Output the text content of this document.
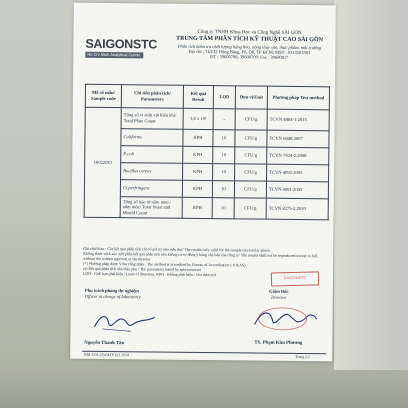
SAIGONSTC
Ho Chi Minh Analytical Center
Công ty TNHH Khoa Học và Công Nghệ SÀI GÒN
TRUNG TÂM PHÂN TÍCH KỸ THUẬT CAO SÀI GÒN
Phân tích kiểm tra chất lượng hàng hóa, nông thủy sản, thực phẩm, môi trường
Địa chỉ : 743/32 Hồng Bàng, P6, Q6, TP HCM; MST : 0313503383
ĐT : 39600708, 39600709; Fax : 39600817
Mã số mẫu/ Sample code	Chỉ tiêu phân tích/ Parameters	Kết quả Result	LOD	Đơn vị/Unit	Phương pháp Test method
10022DO	Tổng số vi sinh vật hiếu khí/ Total Plate Count	1,6 x 10²	-	CFU/g	TCVN 4884-1:2015
	Coliforms	KPH	10	CFU/g	TCVN 6848:2007
	E.coli	KPH	10	CFU/g	TCVN 7924-2:2008
	Bacillus cereus	KPH	10	CFU/g	TCVN 4992:2005
	Cl.perfringens	KPH	10	CFU/g	TCVN 4991:2005
	Tổng số bào tử nấm men - nấm mốc/ Total Yeast and Mould Count	KPH	10	CFU/g	TCVN 8275-2:2010
Ghi chú/Note : Các kết quả phân tích chỉ có giá trị trên mẫu thử/ The results only valid for the sample received at above.
Không được trích sao một phần kết quả phân tích nếu không có sự đồng ý bằng văn bản của công ty/ The results shall not be reproduced except in full, without the written approval of the director
(*) Phương pháp được Vilas công nhận / The method is accredited by Bureau of Accreditation ( VILAS)
(a) Kết quả phân tích nhà thầu phụ / The parameters tested by subcontractor
LOD : Giới hạn phát hiện / Limit of detection; KPH : Không phát hiện / Not detected
SAIGONSTC
Phụ trách phòng thí nghiệm
Officer in charge of laboratory
Giám Đốc
Director
Nguyễn Thanh Tân	TS. Phạm Kim Phương
BM 23/A.(T)/04.(V1)/1.2014	Trang 2/2
